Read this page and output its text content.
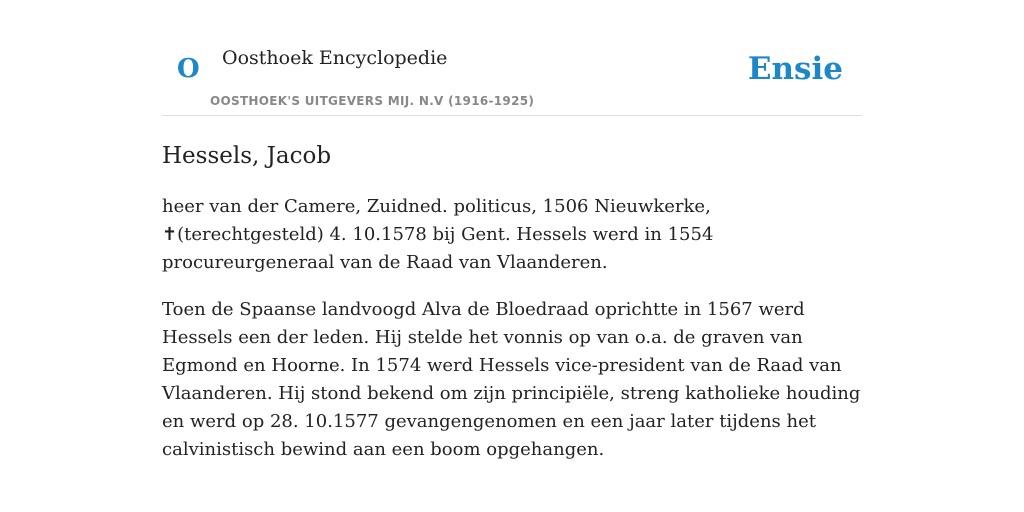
O Oosthoek Encyclopedie
OOSTHOEK'S UITGEVERS MIJ. N.V (1916-1925)
Ensie
Hessels, Jacob

heer van der Camere, Zuidned. politicus, 1506 Nieuwkerke, ✝(terechtgesteld) 4. 10.1578 bij Gent. Hessels werd in 1554 procureurgeneraal van de Raad van Vlaanderen.

Toen de Spaanse landvoogd Alva de Bloedraad oprichtte in 1567 werd Hessels een der leden. Hij stelde het vonnis op van o.a. de graven van Egmond en Hoorne. In 1574 werd Hessels vice-president van de Raad van Vlaanderen. Hij stond bekend om zijn principiële, streng katholieke houding en werd op 28. 10.1577 gevangengenomen en een jaar later tijdens het calvinistisch bewind aan een boom opgehangen.
